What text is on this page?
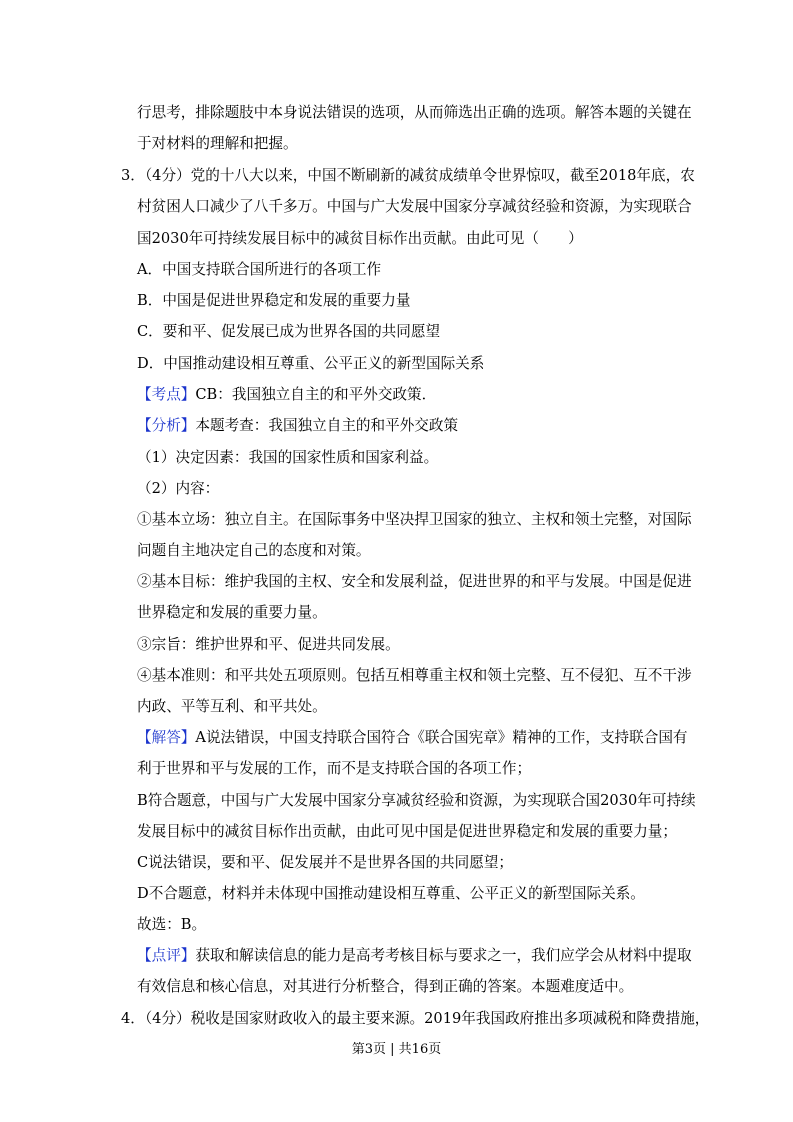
行思考，排除题肢中本身说法错误的选项，从而筛选出正确的选项。解答本题的关键在
于对材料的理解和把握。
3．（4分）党的十八大以来，中国不断刷新的减贫成绩单令世界惊叹，截至2018年底，农
村贫困人口减少了八千多万。中国与广大发展中国家分享减贫经验和资源，为实现联合
国2030年可持续发展目标中的减贫目标作出贡献。由此可见（　　）
A．中国支持联合国所进行的各项工作
B．中国是促进世界稳定和发展的重要力量
C．要和平、促发展已成为世界各国的共同愿望
D．中国推动建设相互尊重、公平正义的新型国际关系
【考点】CB：我国独立自主的和平外交政策．
【分析】本题考查：我国独立自主的和平外交政策
（1）决定因素：我国的国家性质和国家利益。
（2）内容：
①基本立场：独立自主。在国际事务中坚决捍卫国家的独立、主权和领土完整，对国际
问题自主地决定自己的态度和对策。
②基本目标：维护我国的主权、安全和发展利益，促进世界的和平与发展。中国是促进
世界稳定和发展的重要力量。
③宗旨：维护世界和平、促进共同发展。
④基本准则：和平共处五项原则。包括互相尊重主权和领土完整、互不侵犯、互不干涉
内政、平等互利、和平共处。
【解答】A说法错误，中国支持联合国符合《联合国宪章》精神的工作，支持联合国有
利于世界和平与发展的工作，而不是支持联合国的各项工作；
B符合题意，中国与广大发展中国家分享减贫经验和资源，为实现联合国2030年可持续
发展目标中的减贫目标作出贡献，由此可见中国是促进世界稳定和发展的重要力量；
C说法错误，要和平、促发展并不是世界各国的共同愿望；
D不合题意，材料并未体现中国推动建设相互尊重、公平正义的新型国际关系。
故选：B。
【点评】获取和解读信息的能力是高考考核目标与要求之一，我们应学会从材料中提取
有效信息和核心信息，对其进行分析整合，得到正确的答案。本题难度适中。
4．（4分）税收是国家财政收入的最主要来源。2019年我国政府推出多项减税和降费措施，
第3页 | 共16页
